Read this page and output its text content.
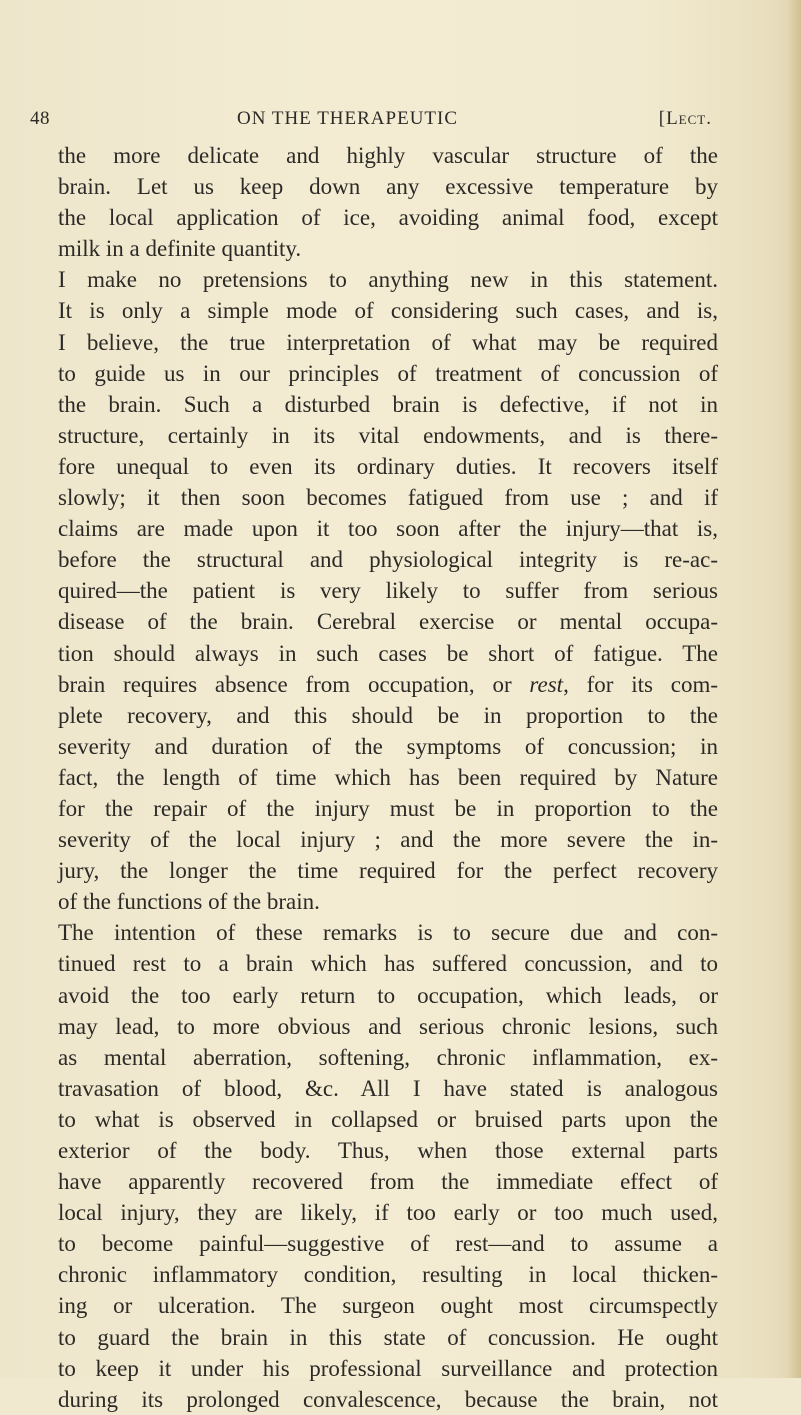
48	ON THE THERAPEUTIC	[Lect.
the more delicate and highly vascular structure of the
brain. Let us keep down any excessive temperature by
the local application of ice, avoiding animal food, except
milk in a definite quantity.
I make no pretensions to anything new in this statement.
It is only a simple mode of considering such cases, and is,
I believe, the true interpretation of what may be required
to guide us in our principles of treatment of concussion of
the brain. Such a disturbed brain is defective, if not in
structure, certainly in its vital endowments, and is there-
fore unequal to even its ordinary duties. It recovers itself
slowly; it then soon becomes fatigued from use ; and if
claims are made upon it too soon after the injury—that is,
before the structural and physiological integrity is re-ac-
quired—the patient is very likely to suffer from serious
disease of the brain. Cerebral exercise or mental occupa-
tion should always in such cases be short of fatigue. The
brain requires absence from occupation, or rest, for its com-
plete recovery, and this should be in proportion to the
severity and duration of the symptoms of concussion; in
fact, the length of time which has been required by Nature
for the repair of the injury must be in proportion to the
severity of the local injury ; and the more severe the in-
jury, the longer the time required for the perfect recovery
of the functions of the brain.
The intention of these remarks is to secure due and con-
tinued rest to a brain which has suffered concussion, and to
avoid the too early return to occupation, which leads, or
may lead, to more obvious and serious chronic lesions, such
as mental aberration, softening, chronic inflammation, ex-
travasation of blood, &c. All I have stated is analogous
to what is observed in collapsed or bruised parts upon the
exterior of the body. Thus, when those external parts
have apparently recovered from the immediate effect of
local injury, they are likely, if too early or too much used,
to become painful—suggestive of rest—and to assume a
chronic inflammatory condition, resulting in local thicken-
ing or ulceration. The surgeon ought most circumspectly
to guard the brain in this state of concussion. He ought
to keep it under his professional surveillance and protection
during its prolonged convalescence, because the brain, not
